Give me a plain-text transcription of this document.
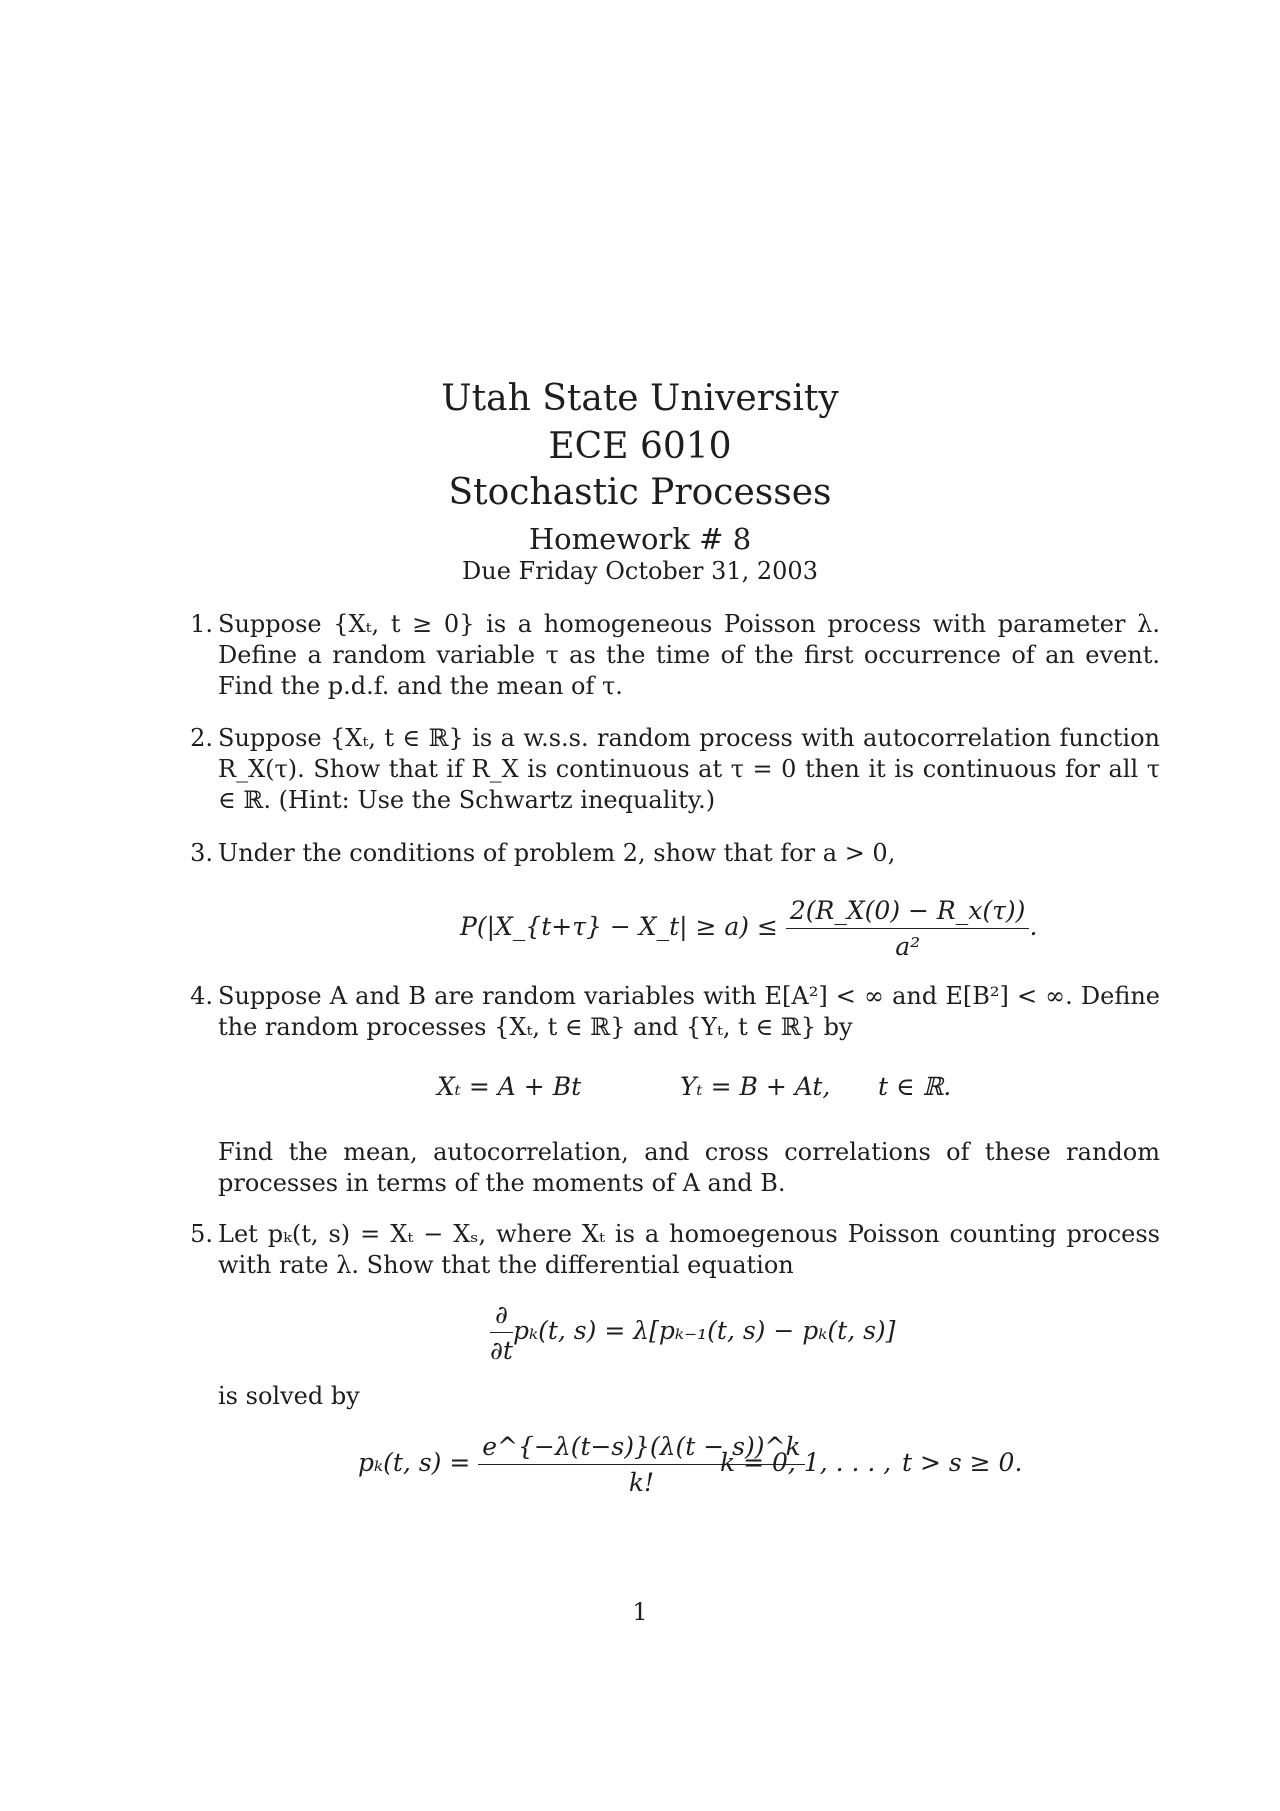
Utah State University
ECE 6010
Stochastic Processes
Homework # 8
Due Friday October 31, 2003
1. Suppose {Xₜ, t ≥ 0} is a homogeneous Poisson process with parameter λ. Define a random variable τ as the time of the first occurrence of an event. Find the p.d.f. and the mean of τ.
2. Suppose {Xₜ, t ∈ ℝ} is a w.s.s. random process with autocorrelation function R_X(τ). Show that if R_X is continuous at τ = 0 then it is continuous for all τ ∈ ℝ. (Hint: Use the Schwartz inequality.)
3. Under the conditions of problem 2, show that for a > 0,
P(|X_{t+τ} − X_t| ≥ $a) \le \frac{2(R\_X(0) - R\_x(\tau))}{\text{a²}}$ .
4. Suppose A and B are random variables with E[A²] < ∞ and E[B²] < ∞. Define the random processes {Xₜ, t ∈ ℝ} and {Yₜ, t ∈ ℝ} by
Xₜ = A + Bt	Yₜ = B + At, t ∈ ℝ.
Find the mean, autocorrelation, and cross correlations of these random processes in terms of the moments of A and B.
5. Let pₖ(t, s) = Xₜ − Xₛ, where Xₜ is a homoegenous Poisson counting process with rate λ. Show that the differential equation
$\frac{\partial}{\partial t} p_k(t$, s) = λ[pₖ₋₁(t, s) − pₖ(t, s)]
is solved by
pₖ(t, $s) = \frac{e\^{}\{-\lambda(t-s)\}(\lambda(t - s))\^{}k}{k!}$
k = 0, 1, . . . , t > s ≥ 0.
1
